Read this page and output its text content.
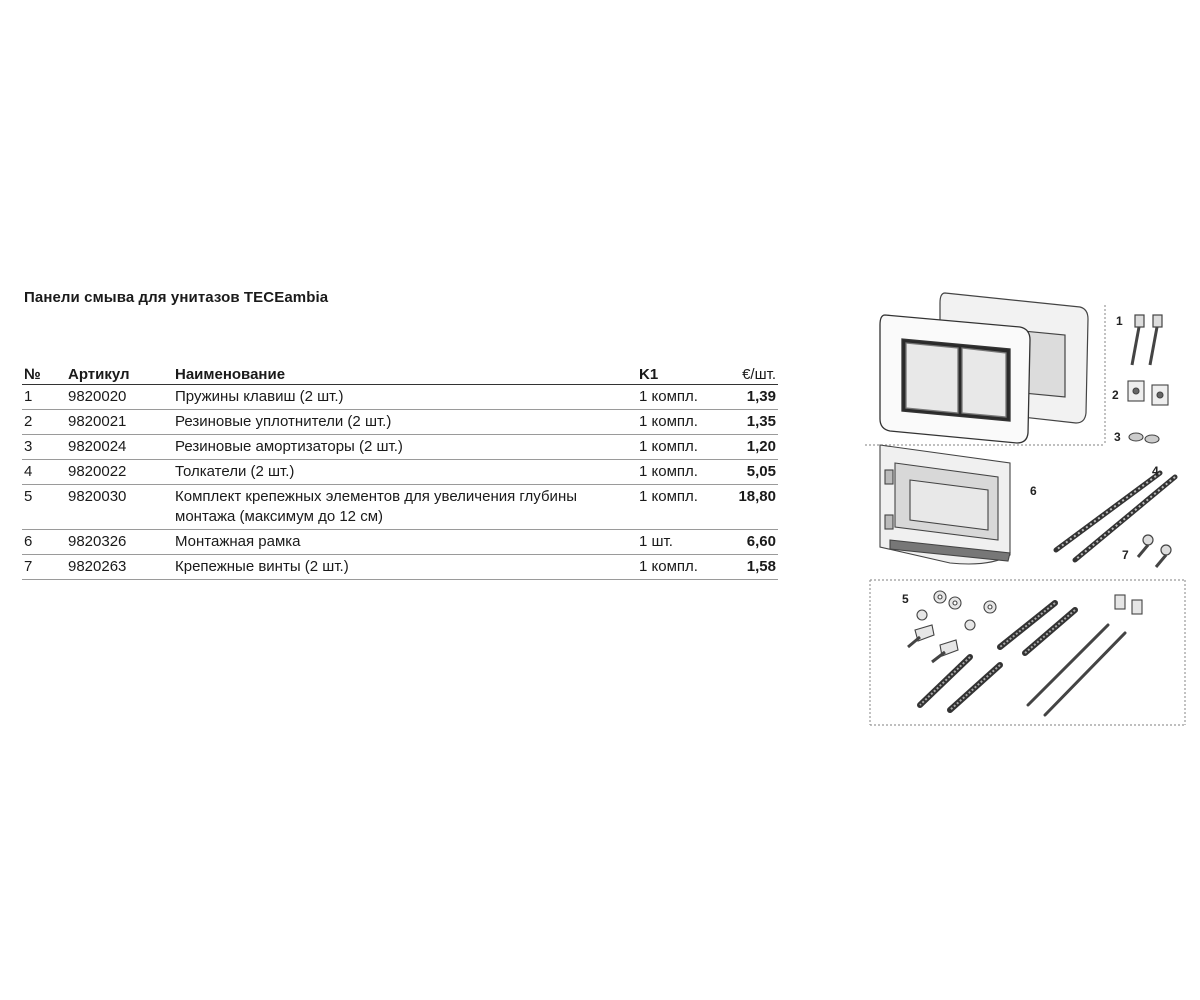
Панели смыва для унитазов TECEambia
№	Артикул	Наименование	K1	€/шт.
1	9820020	Пружины клавиш (2 шт.)	1 компл.	1,39
2	9820021	Резиновые уплотнители (2 шт.)	1 компл.	1,35
3	9820024	Резиновые амортизаторы (2 шт.)	1 компл.	1,20
4	9820022	Толкатели (2 шт.)	1 компл.	5,05
5	9820030	Комплект крепежных элементов для увеличения глубины монтажа (максимум до 12 см)	1 компл.	18,80
6	9820326	Монтажная рамка	1 шт.	6,60
7	9820263	Крепежные винты (2 шт.)	1 компл.	1,58
1
2
3
4
5
6
7
